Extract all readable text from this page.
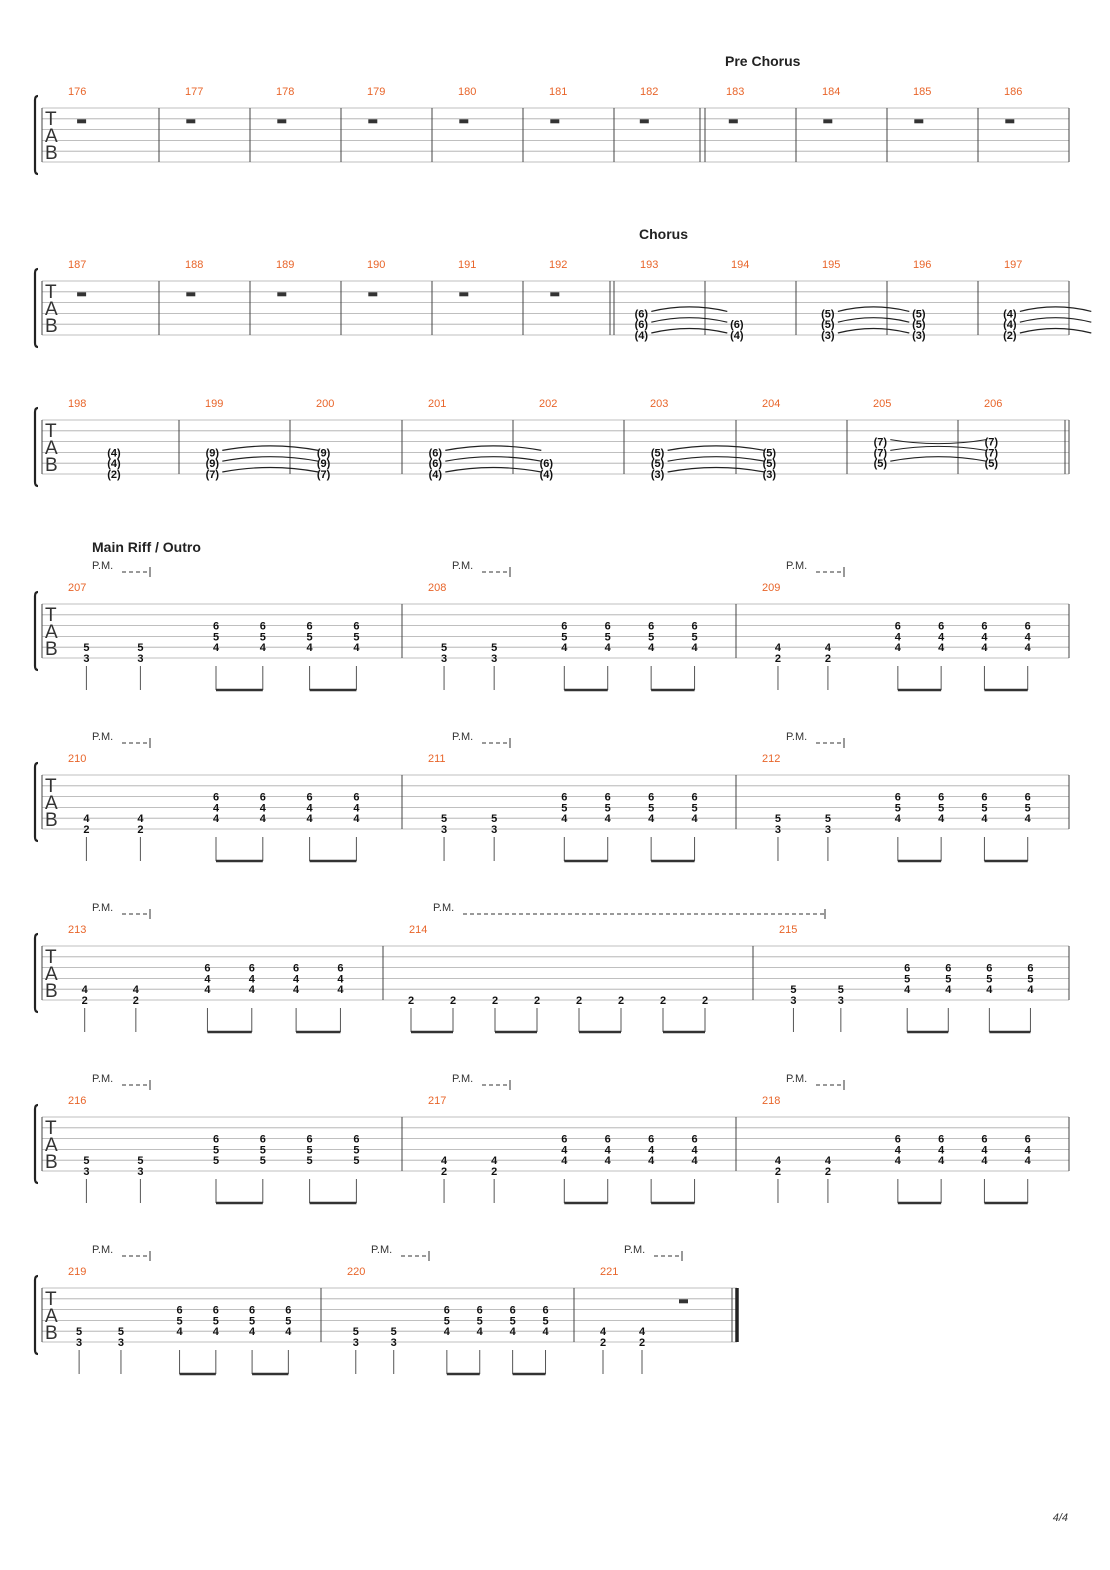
T
A
B
Pre Chorus
176	177	178	179	180	181	182	183	184	185	186
T
A
B
Chorus
187	188	189	190	191	192	193
(6)
(6)
(4)
194
(6)
(4)
195
(5)
(5)
(3)
196
(5)
(5)
(3)
197
(4)
(4)
(2)
T
A
B
198
(4)
(4)
(2)
199
(9)
(9)
(7)
200
(9)
(9)
(7)
201
(6)
(6)
(4)
202
(6)
(4)
203
(5)
(5)
(3)
204
(5)
(5)
(3)
205
(7)
(7)
(5)
206
(7)
(7)
(5)
T
A
B
Main Riff / Outro
207
P.M.
5
3
5
3
6
5
4
6
5
4
6
5
4
6
5
4
208
P.M.
5
3
5
3
6
5
4
6
5
4
6
5
4
6
5
4
209
P.M.
4
2
4
2
6
4
4
6
4
4
6
4
4
6
4
4
T
A
B
210
P.M.
4
2
4
2
6
4
4
6
4
4
6
4
4
6
4
4
211
P.M.
5
3
5
3
6
5
4
6
5
4
6
5
4
6
5
4
212
P.M.
5
3
5
3
6
5
4
6
5
4
6
5
4
6
5
4
T
A
B
213
P.M.
4
2
4
2
6
4
4
6
4
4
6
4
4
6
4
4
214
P.M.
2	2	2	2	2	2	2	2
215
5
3
5
3
6
5
4
6
5
4
6
5
4
6
5
4
T
A
B
216
P.M.
5
3
5
3
6
5
5
6
5
5
6
5
5
6
5
5
217
P.M.
4
2
4
2
6
4
4
6
4
4
6
4
4
6
4
4
218
P.M.
4
2
4
2
6
4
4
6
4
4
6
4
4
6
4
4
T
A
B
219
P.M.
5
3
5
3
6
5
4
6
5
4
6
5
4
6
5
4
220
P.M.
5
3
5
3
6
5
4
6
5
4
6
5
4
6
5
4
221
P.M.
4
2
4
2
4/4
